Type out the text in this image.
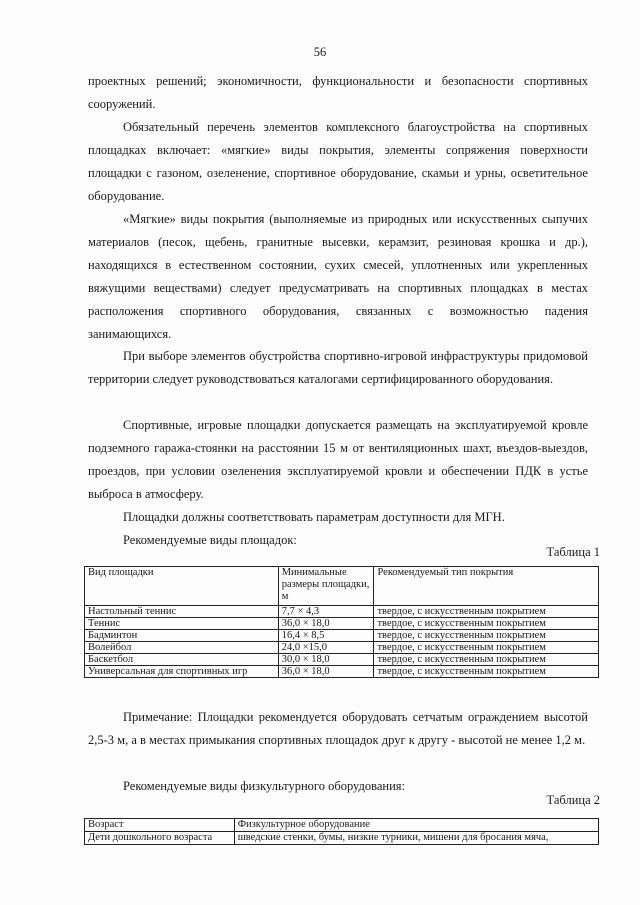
56

проектных решений; экономичности, функциональности и безопасности спортивных сооружений.

Обязательный перечень элементов комплексного благоустройства на спортивных площадках включает: «мягкие» виды покрытия, элементы сопряжения поверхности площадки с газоном, озеленение, спортивное оборудование, скамьи и урны, осветительное оборудование.

«Мягкие» виды покрытия (выполняемые из природных или искусственных сыпучих материалов (песок, щебень, гранитные высевки, керамзит, резиновая крошка и др.), находящихся в естественном состоянии, сухих смесей, уплотненных или укрепленных вяжущими веществами) следует предусматривать на спортивных площадках в местах расположения спортивного оборудования, связанных с возможностью падения занимающихся.

При выборе элементов обустройства спортивно-игровой инфраструктуры придомовой территории следует руководствоваться каталогами сертифицированного оборудования.

Спортивные, игровые площадки допускается размещать на эксплуатируемой кровле подземного гаража-стоянки на расстоянии 15 м от вентиляционных шахт, въездов-выездов, проездов, при условии озеленения эксплуатируемой кровли и обеспечении ПДК в устье выброса в атмосферу.

Площадки должны соответствовать параметрам доступности для МГН.

Рекомендуемые виды площадок:

Таблица 1
Вид площадки	Минимальные размеры площадки, м	Рекомендуемый тип покрытия
Настольный теннис	7,7 × 4,3	твердое, с искусственным покрытием
Теннис	36,0 × 18,0	твердое, с искусственным покрытием
Бадминтон	16,4 × 8,5	твердое, с искусственным покрытием
Волейбол	24,0 ×15,0	твердое, с искусственным покрытием
Баскетбол	30,0 × 18,0	твердое, с искусственным покрытием
Универсальная для спортивных игр	36,0 × 18,0	твердое, с искусственным покрытием

Примечание: Площадки рекомендуется оборудовать сетчатым ограждением высотой 2,5-3 м, а в местах примыкания спортивных площадок друг к другу - высотой не менее 1,2 м.

Рекомендуемые виды физкультурного оборудования:

Таблица 2
Возраст	Физкультурное оборудование
Дети дошкольного возраста	шведские стенки, бумы, низкие турники, мишени для бросания мяча,
